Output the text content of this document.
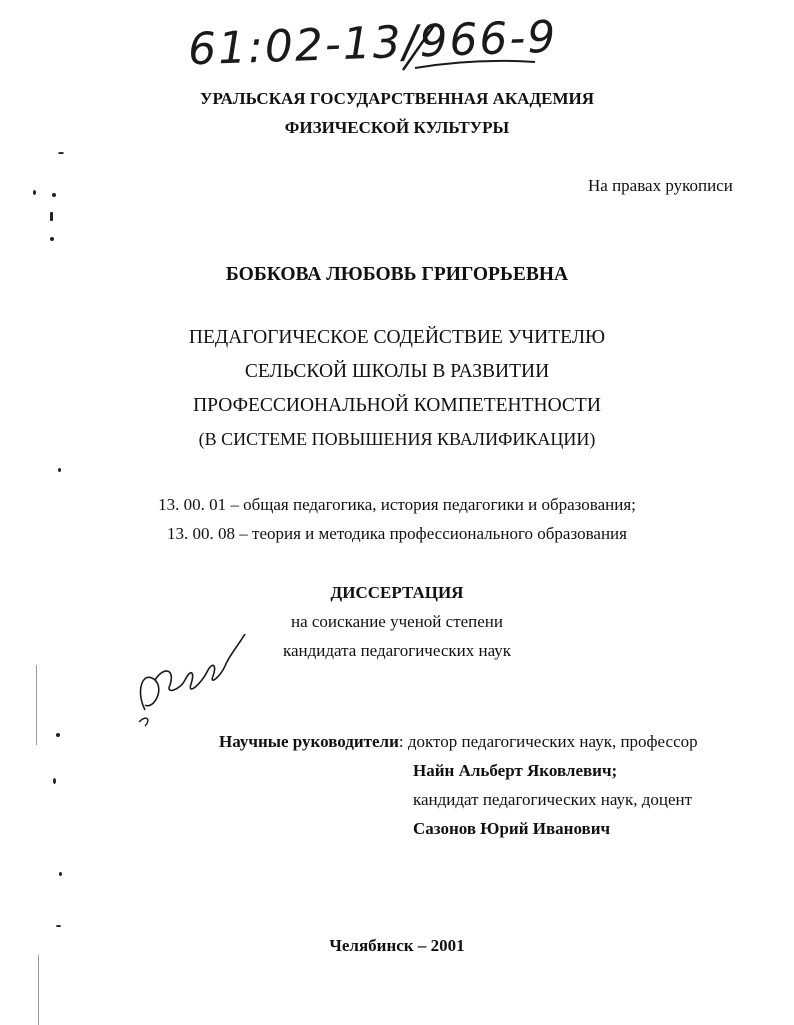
61:02-13/966-9
УРАЛЬСКАЯ ГОСУДАРСТВЕННАЯ АКАДЕМИЯ
ФИЗИЧЕСКОЙ КУЛЬТУРЫ
На правах рукописи
БОБКОВА ЛЮБОВЬ ГРИГОРЬЕВНА
ПЕДАГОГИЧЕСКОЕ СОДЕЙСТВИЕ УЧИТЕЛЮ
СЕЛЬСКОЙ ШКОЛЫ В РАЗВИТИИ
ПРОФЕССИОНАЛЬНОЙ КОМПЕТЕНТНОСТИ
(В СИСТЕМЕ ПОВЫШЕНИЯ КВАЛИФИКАЦИИ)
13. 00. 01 – общая педагогика, история педагогики и образования;
13. 00. 08 – теория и методика профессионального образования
ДИССЕРТАЦИЯ
на соискание ученой степени
кандидата педагогических наук
Научные руководители: доктор педагогических наук, профессор
Найн Альберт Яковлевич;
кандидат педагогических наук, доцент
Сазонов Юрий Иванович
Челябинск – 2001
